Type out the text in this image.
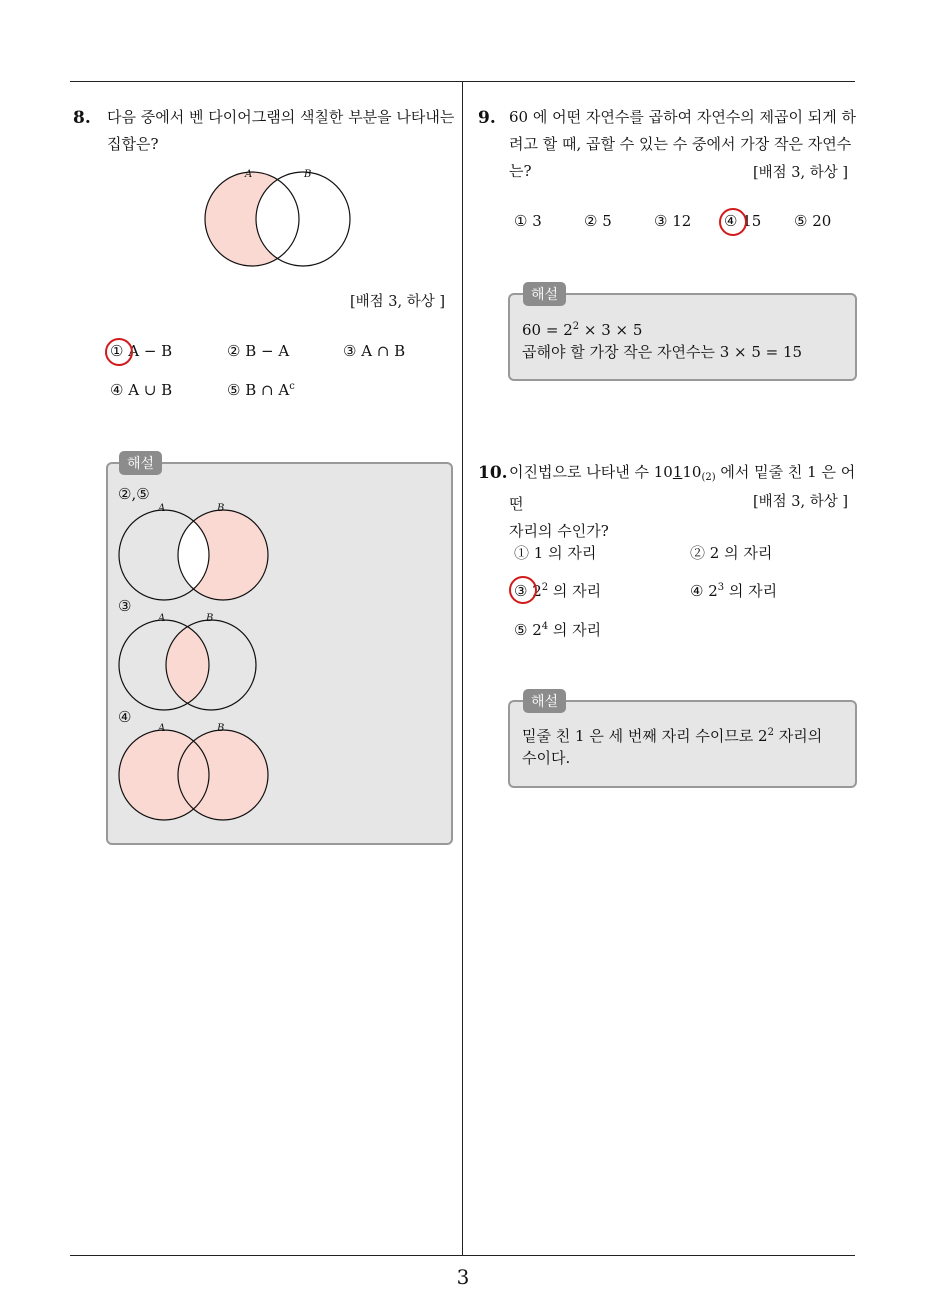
3
8. 다음 중에서 벤 다이어그램의 색칠한 부분을 나타내는
집합은?
A	B
[배점 3, 하상 ]
① A − B	② B − A	③ A ∩ B
④ A ∪ B	⑤ B ∩ $A^c$
해설
②,⑤
A	B
③
A	B
④
A	B
9. 60 에 어떤 자연수를 곱하여 자연수의 제곱이 되게 하
려고 할 때, 곱할 수 있는 수 중에서 가장 작은 자연수
는?	[배점 3, 하상 ]
① 3	② 5	③ 12 ④ 15 ⑤ 20
해설
$60 = 2^2 \times 3 \times 5$
곱해야 할 가장 작은 자연수는 3 × 5 = 15
10. 이진법으로 나타낸 수 $10110_{(2)}$ 에서 밑줄 친 1 은 어떤
자리의 수인가?
[배점 3, 하상 ]
① 1 의 자리	② 2 의 자리
③ $2^2$ 의 자리	④ $2^3$ 의 자리
⑤ $2^4$ 의 자리
해설
밑줄 친 1 은 세 번째 자리 수이므로 $2^2$ 자리의
수이다.
